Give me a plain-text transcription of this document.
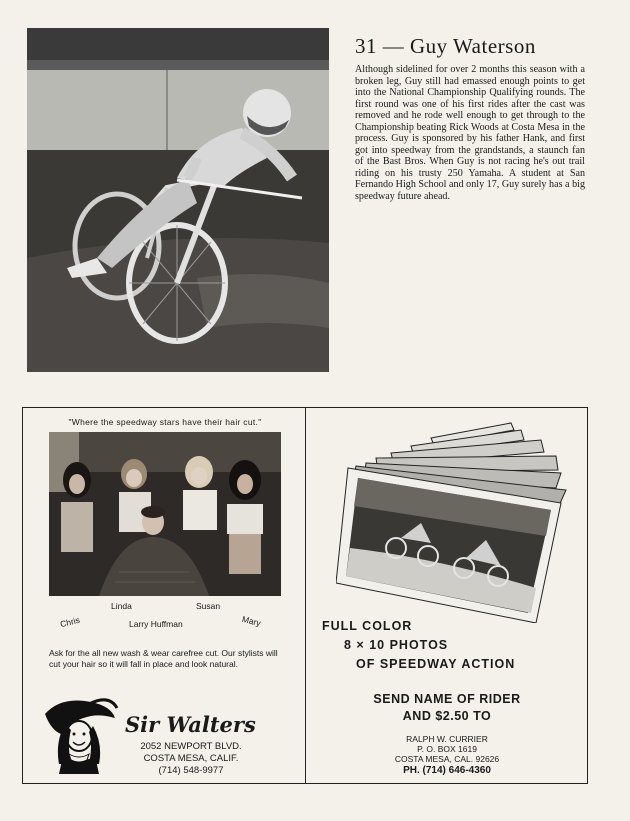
31 — Guy Waterson

Although sidelined for over 2 months this season with a broken leg, Guy still had emassed enough points to get into the National Championship Qualifying rounds. The first round was one of his first rides after the cast was removed and he rode well enough to get through to the Championship beating Rick Woods at Costa Mesa in the process. Guy is sponsored by his father Hank, and first got into speedway from the grandstands, a staunch fan of the Bast Bros. When Guy is not racing he's out trail riding on his trusty 250 Yamaha. A student at San Fernando High School and only 17, Guy surely has a big speedway future ahead.

"Where the speedway stars have their hair cut."
Chris
Linda
Larry Huffman
Susan
Mary

Ask for the all new wash & wear carefree cut. Our stylists will cut your hair so it will fall in place and look natural.

Sir Walters
2052 NEWPORT BLVD.
COSTA MESA, CALIF.
(714) 548-9977
FULL COLOR
8 × 10 PHOTOS
OF SPEEDWAY ACTION
SEND NAME OF RIDER
AND $2.50 TO
RALPH W. CURRIER
P. O. BOX 1619
COSTA MESA, CAL. 92626
PH. (714) 646-4360
